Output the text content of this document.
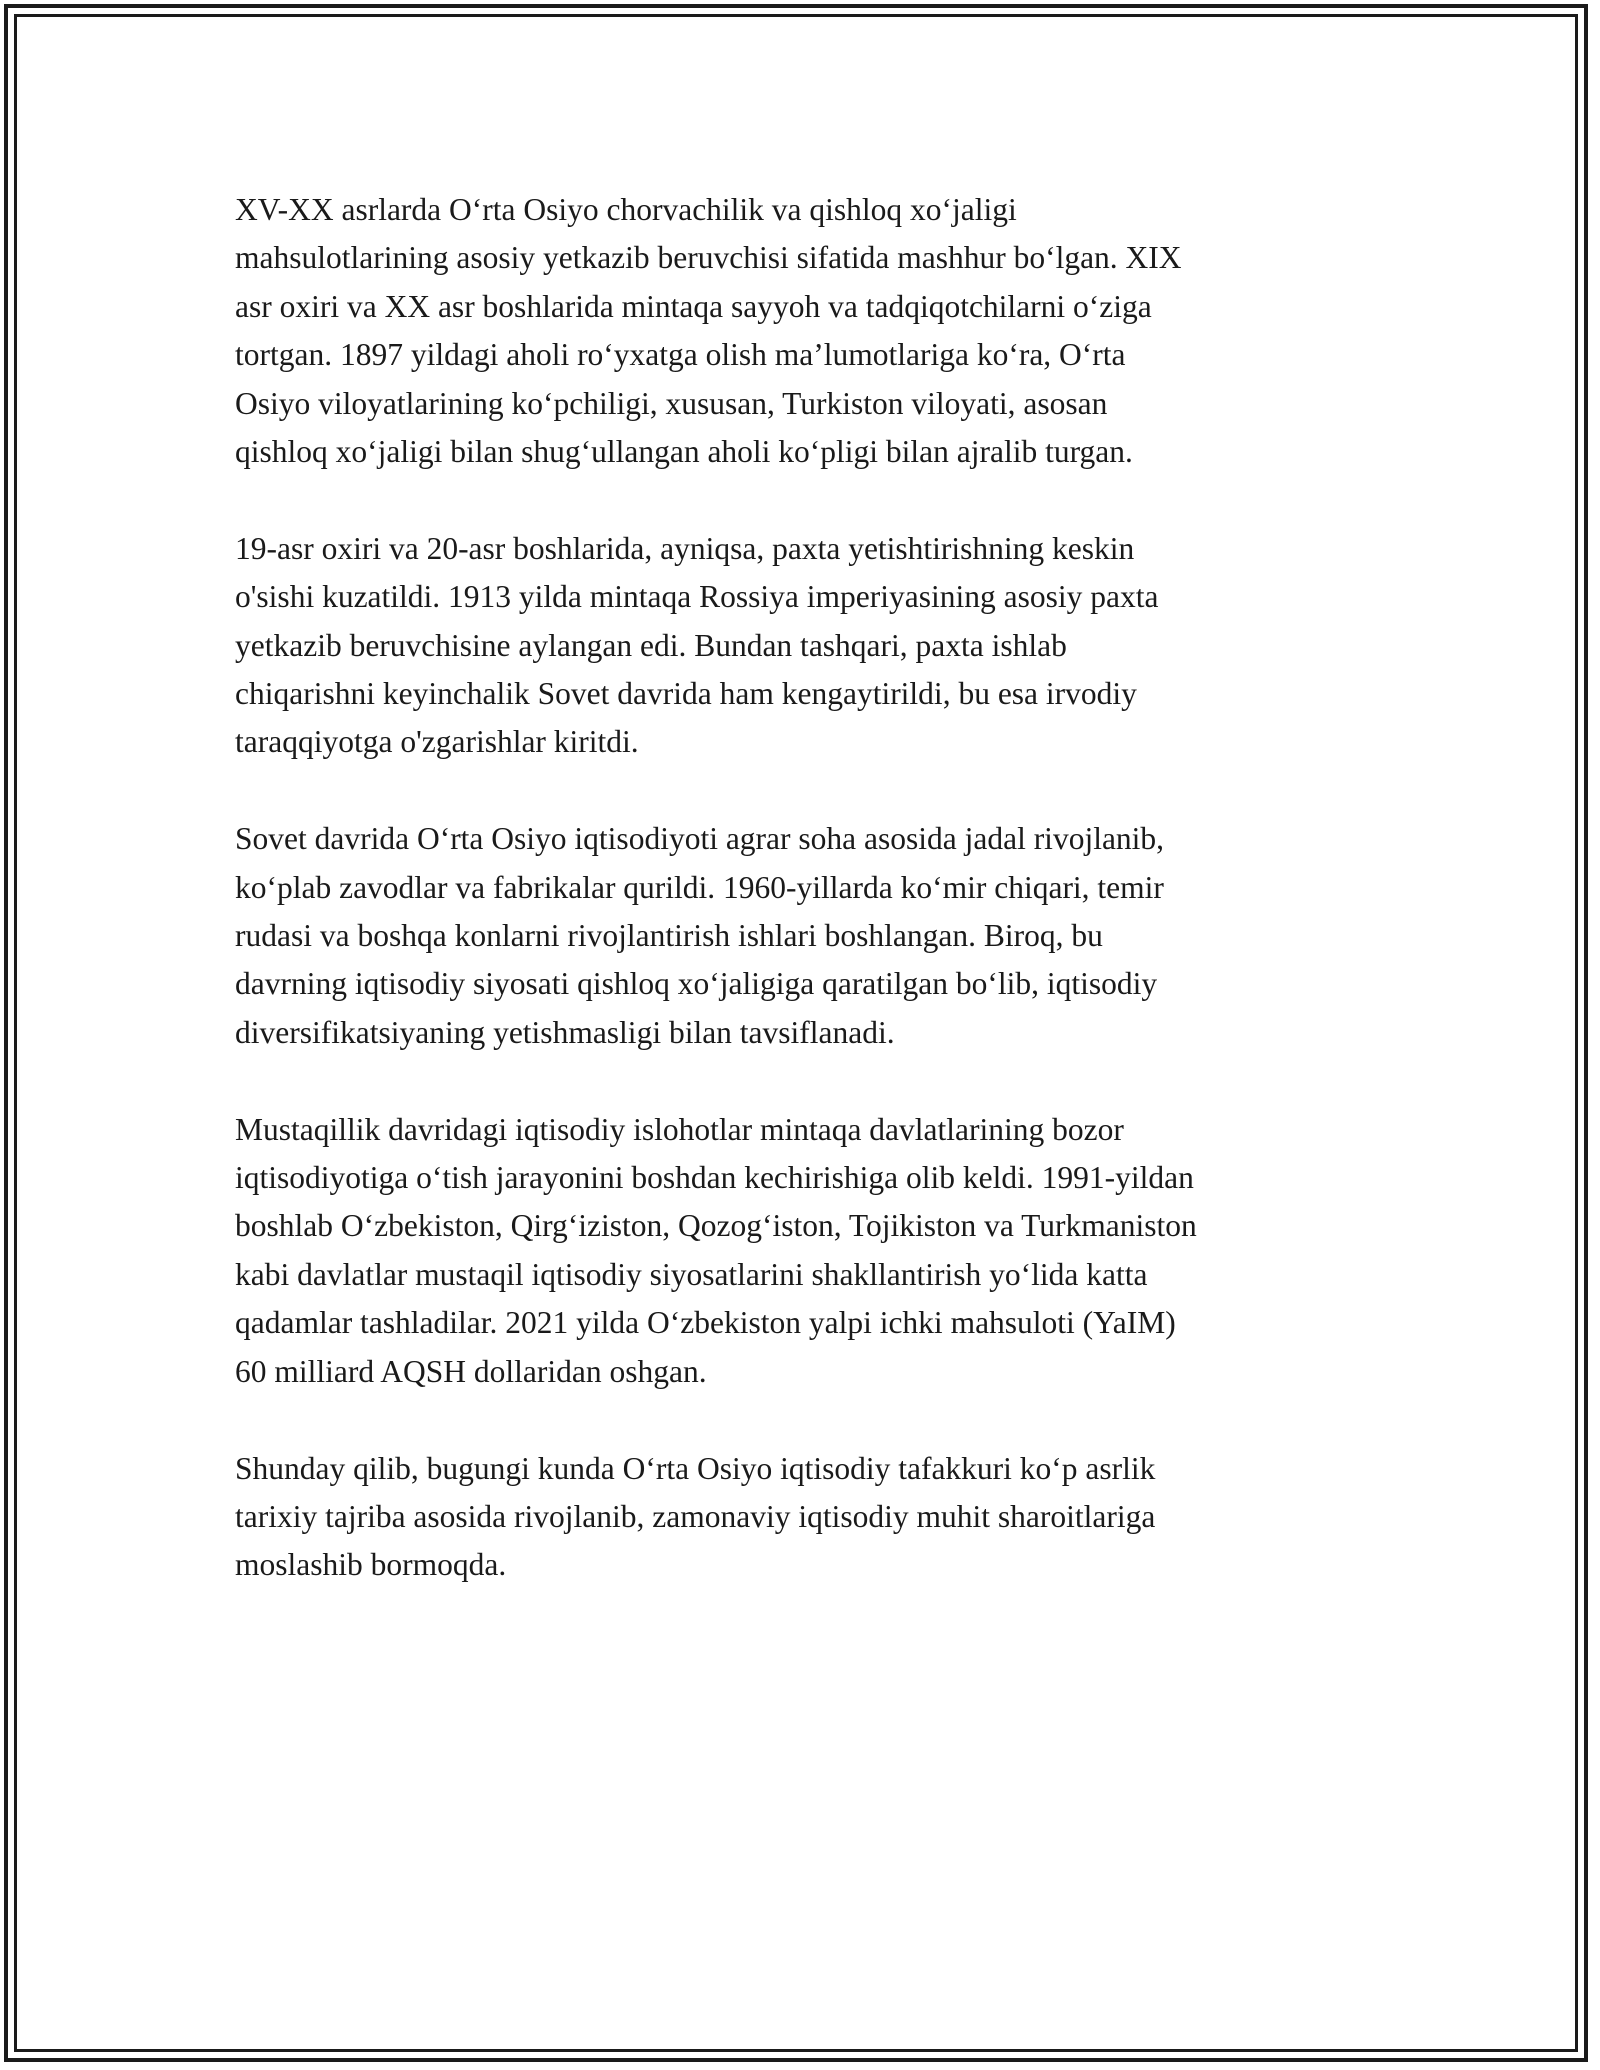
XV-XX asrlarda O‘rta Osiyo chorvachilik va qishloq xo‘jaligi
mahsulotlarining asosiy yetkazib beruvchisi sifatida mashhur bo‘lgan. XIX
asr oxiri va XX asr boshlarida mintaqa sayyoh va tadqiqotchilarni o‘ziga
tortgan. 1897 yildagi aholi ro‘yxatga olish ma’lumotlariga ko‘ra, O‘rta
Osiyo viloyatlarining ko‘pchiligi, xususan, Turkiston viloyati, asosan
qishloq xo‘jaligi bilan shug‘ullangan aholi ko‘pligi bilan ajralib turgan.

19-asr oxiri va 20-asr boshlarida, ayniqsa, paxta yetishtirishning keskin
o'sishi kuzatildi. 1913 yilda mintaqa Rossiya imperiyasining asosiy paxta
yetkazib beruvchisine aylangan edi. Bundan tashqari, paxta ishlab
chiqarishni keyinchalik Sovet davrida ham kengaytirildi, bu esa irvodiy
taraqqiyotga o'zgarishlar kiritdi.

Sovet davrida O‘rta Osiyo iqtisodiyoti agrar soha asosida jadal rivojlanib,
ko‘plab zavodlar va fabrikalar qurildi. 1960-yillarda ko‘mir chiqari, temir
rudasi va boshqa konlarni rivojlantirish ishlari boshlangan. Biroq, bu
davrning iqtisodiy siyosati qishloq xo‘jaligiga qaratilgan bo‘lib, iqtisodiy
diversifikatsiyaning yetishmasligi bilan tavsiflanadi.

Mustaqillik davridagi iqtisodiy islohotlar mintaqa davlatlarining bozor
iqtisodiyotiga o‘tish jarayonini boshdan kechirishiga olib keldi. 1991-yildan
boshlab O‘zbekiston, Qirg‘iziston, Qozog‘iston, Tojikiston va Turkmaniston
kabi davlatlar mustaqil iqtisodiy siyosatlarini shakllantirish yo‘lida katta
qadamlar tashladilar. 2021 yilda O‘zbekiston yalpi ichki mahsuloti (YaIM)
60 milliard AQSH dollaridan oshgan.

Shunday qilib, bugungi kunda O‘rta Osiyo iqtisodiy tafakkuri ko‘p asrlik
tarixiy tajriba asosida rivojlanib, zamonaviy iqtisodiy muhit sharoitlariga
moslashib bormoqda.
